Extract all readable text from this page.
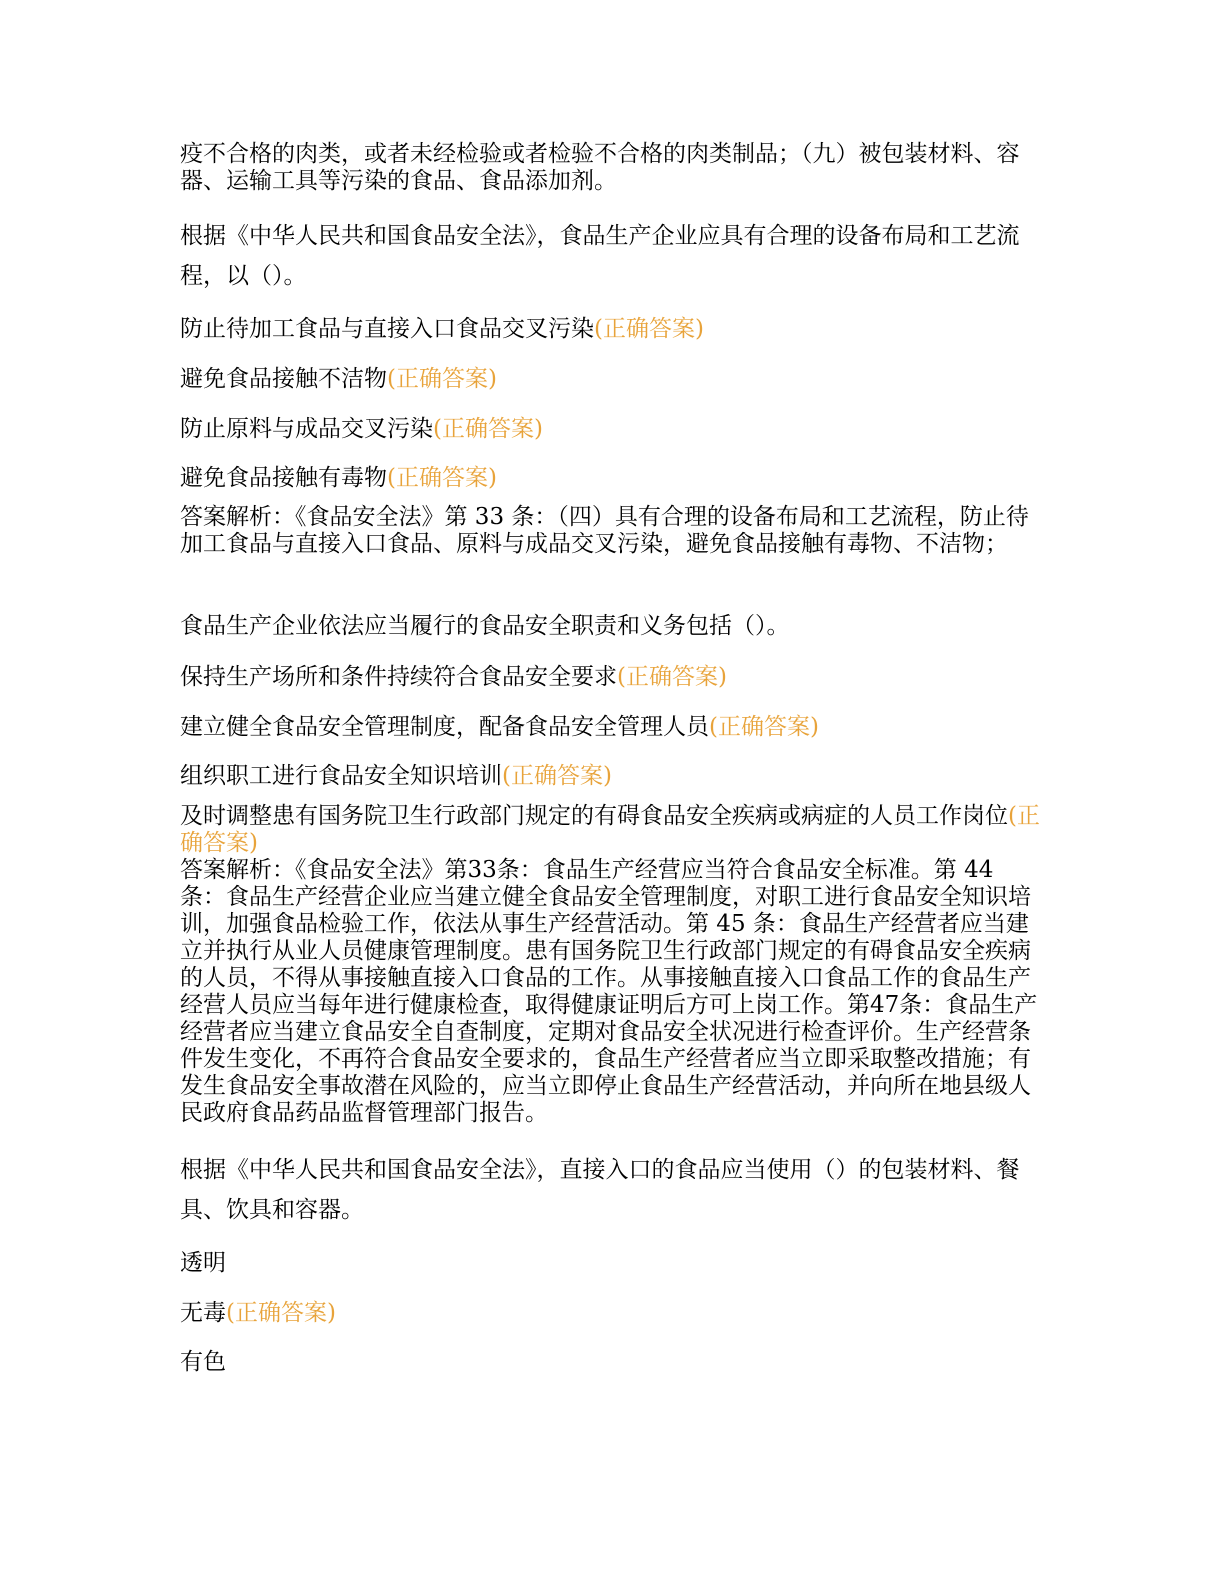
疫不合格的肉类，或者未经检验或者检验不合格的肉类制品；（九）被包装材料、容器、运输工具等污染的食品、食品添加剂。

根据《中华人民共和国食品安全法》，食品生产企业应具有合理的设备布局和工艺流程，以（）。

防止待加工食品与直接入口食品交叉污染(正确答案)

避免食品接触不洁物(正确答案)

防止原料与成品交叉污染(正确答案)

避免食品接触有毒物(正确答案)

答案解析：《食品安全法》第 33 条：（四）具有合理的设备布局和工艺流程，防止待加工食品与直接入口食品、原料与成品交叉污染，避免食品接触有毒物、不洁物；

食品生产企业依法应当履行的食品安全职责和义务包括（）。

保持生产场所和条件持续符合食品安全要求(正确答案)

建立健全食品安全管理制度，配备食品安全管理人员(正确答案)

组织职工进行食品安全知识培训(正确答案)

及时调整患有国务院卫生行政部门规定的有碍食品安全疾病或病症的人员工作岗位(正确答案)

答案解析：《食品安全法》第33条：食品生产经营应当符合食品安全标准。第 44 条：食品生产经营企业应当建立健全食品安全管理制度，对职工进行食品安全知识培训，加强食品检验工作，依法从事生产经营活动。第 45 条：食品生产经营者应当建立并执行从业人员健康管理制度。患有国务院卫生行政部门规定的有碍食品安全疾病的人员，不得从事接触直接入口食品的工作。从事接触直接入口食品工作的食品生产经营人员应当每年进行健康检查，取得健康证明后方可上岗工作。第47条：食品生产经营者应当建立食品安全自查制度，定期对食品安全状况进行检查评价。生产经营条件发生变化，不再符合食品安全要求的，食品生产经营者应当立即采取整改措施；有发生食品安全事故潜在风险的，应当立即停止食品生产经营活动，并向所在地县级人民政府食品药品监督管理部门报告。

根据《中华人民共和国食品安全法》，直接入口的食品应当使用（）的包装材料、餐具、饮具和容器。

透明

无毒(正确答案)

有色
